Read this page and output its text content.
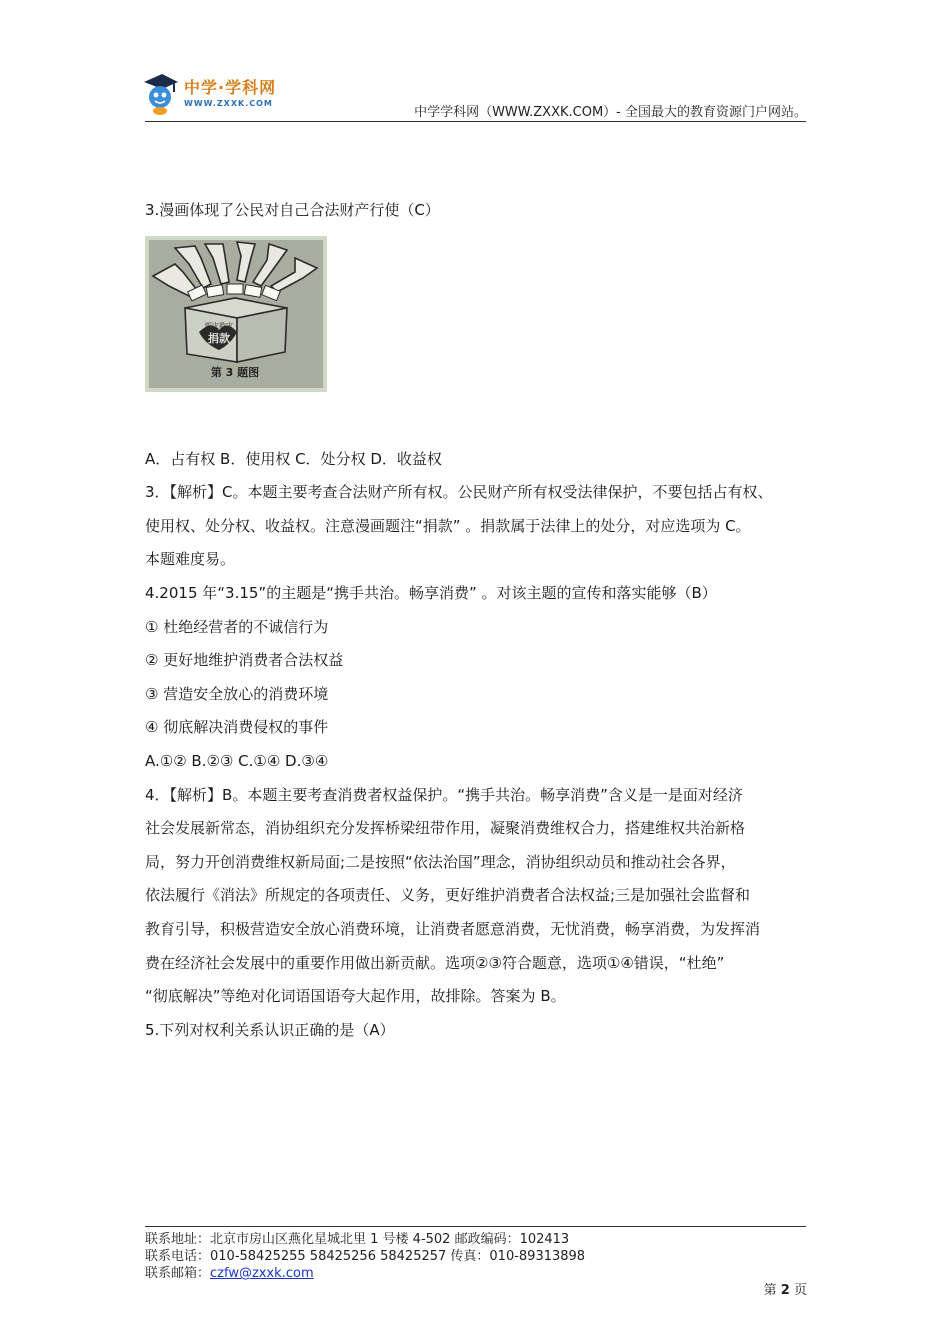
中学·学科网
WWW.ZXXK.COM
中学学科网（WWW.ZXXK.COM）- 全国最大的教育资源门户网站。

3.漫画体现了公民对自己合法财产行使（C）

赈灾救灾
捐款
第 3 题图

A．占有权 B．使用权 C．处分权 D．收益权

3．【解析】C。本题主要考查合法财产所有权。公民财产所有权受法律保护，不要包括占有权、

使用权、处分权、收益权。注意漫画题注“捐款” 。捐款属于法律上的处分，对应选项为 C。

本题难度易。

4.2015 年“3.15”的主题是“携手共治。畅享消费” 。对该主题的宣传和落实能够（B）

① 杜绝经营者的不诚信行为

② 更好地维护消费者合法权益

③ 营造安全放心的消费环境

④ 彻底解决消费侵权的事件

A.①② B.②③ C.①④ D.③④

4．【解析】B。本题主要考查消费者权益保护。“携手共治。畅享消费”含义是一是面对经济

社会发展新常态，消协组织充分发挥桥梁纽带作用，凝聚消费维权合力，搭建维权共治新格

局，努力开创消费维权新局面;二是按照“依法治国”理念，消协组织动员和推动社会各界，

依法履行《消法》所规定的各项责任、义务，更好维护消费者合法权益;三是加强社会监督和

教育引导，积极营造安全放心消费环境，让消费者愿意消费，无忧消费，畅享消费，为发挥消

费在经济社会发展中的重要作用做出新贡献。选项②③符合题意，选项①④错误，“杜绝”

“彻底解决”等绝对化词语国语夸大起作用，故排除。答案为 B。

5.下列对权利关系认识正确的是（A）

联系地址：北京市房山区燕化星城北里 1 号楼 4-502 邮政编码：102413
联系电话：010-58425255 58425256 58425257 传真：010-89313898
联系邮箱：czfw@zxxk.com
第 2 页
